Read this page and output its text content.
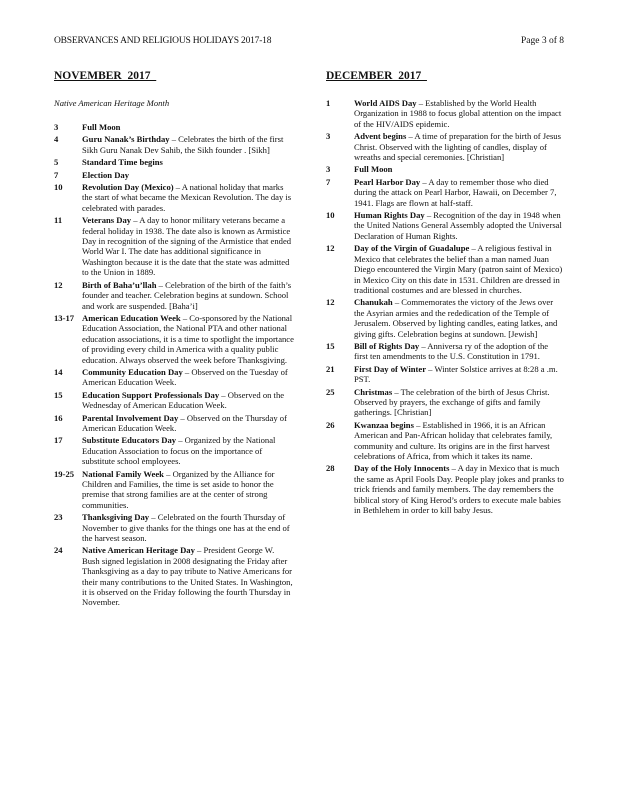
OBSERVANCES AND RELIGIOUS HOLIDAYS 2017-18	Page 3 of 8
NOVEMBER  2017
Native American Heritage Month
3	Full Moon
4	Guru Nanak’s Birthday – Celebrates the birth of the first Sikh Guru Nanak Dev Sahib, the Sikh founder . [Sikh]
5	Standard Time begins
7	Election Day
10	Revolution Day (Mexico) – A national holiday that marks the start of what became the Mexican Revolution. The day is celebrated with parades.
11	Veterans Day – A day to honor military veterans became a federal holiday in 1938. The date also is known as Armistice Day in recognition of the signing of the Armistice that ended World War I. The date has additional significance in Washington because it is the date that the state was admitted to the Union in 1889.
12	Birth of Baha’u’llah – Celebration of the birth of the faith’s founder and teacher. Celebration begins at sundown. School and work are suspended. [Baha’i]
13-17 American Education Week – Co-sponsored by the National Education Association, the National PTA and other national education associations, it is a time to spotlight the importance of providing every child in America with a quality public education. Always observed the week before Thanksgiving.
14	Community Education Day – Observed on the Tuesday of American Education Week.
15	Education Support Professionals Day – Observed on the Wednesday of American Education Week.
16	Parental Involvement Day – Observed on the Thursday of American Education Week.
17	Substitute Educators Day – Organized by the National Education Association to focus on the importance of substitute school employees.
19-25 National Family Week – Organized by the Alliance for Children and Families, the time is set aside to honor the premise that strong families are at the center of strong communities.
23	Thanksgiving Day – Celebrated on the fourth Thursday of November to give thanks for the things one has at the end of the harvest season.
24	Native American Heritage Day – President George W. Bush signed legislation in 2008 designating the Friday after Thanksgiving as a day to pay tribute to Native Americans for their many contributions to the United States. In Washington, it is observed on the Friday following the fourth Thursday in November.
DECEMBER  2017
1	World AIDS Day – Established by the World Health Organization in 1988 to focus global attention on the impact of the HIV/AIDS epidemic.
3	Advent begins – A time of preparation for the birth of Jesus Christ. Observed with the lighting of candles, display of wreaths and special ceremonies. [Christian]
3	Full Moon
7	Pearl Harbor Day – A day to remember those who died during the attack on Pearl Harbor, Hawaii, on December 7, 1941. Flags are flown at half-staff.
10	Human Rights Day – Recognition of the day in 1948 when the United Nations General Assembly adopted the Universal Declaration of Human Rights.
12	Day of the Virgin of Guadalupe – A religious festival in Mexico that celebrates the belief than a man named Juan Diego encountered the Virgin Mary (patron saint of Mexico) in Mexico City on this date in 1531. Children are dressed in traditional costumes and are blessed in churches.
12	Chanukah – Commemorates the victory of the Jews over the Asyrian armies and the rededication of the Temple of Jerusalem. Observed by lighting candles, eating latkes, and giving gifts. Celebration begins at sundown. [Jewish]
15	Bill of Rights Day – Anniversa ry of the adoption of the first ten amendments to the U.S. Constitution in 1791.
21	First Day of Winter – Winter Solstice arrives at 8:28 a .m. PST.
25	Christmas – The celebration of the birth of Jesus Christ. Observed by prayers, the exchange of gifts and family gatherings. [Christian]
26	Kwanzaa begins – Established in 1966, it is an African American and Pan-African holiday that celebrates family, community and culture. Its origins are in the first harvest celebrations of Africa, from which it takes its name.
28	Day of the Holy Innocents – A day in Mexico that is much the same as April Fools Day. People play jokes and pranks to trick friends and family members. The day remembers the biblical story of King Herod’s orders to execute male babies in Bethlehem in order to kill baby Jesus.
